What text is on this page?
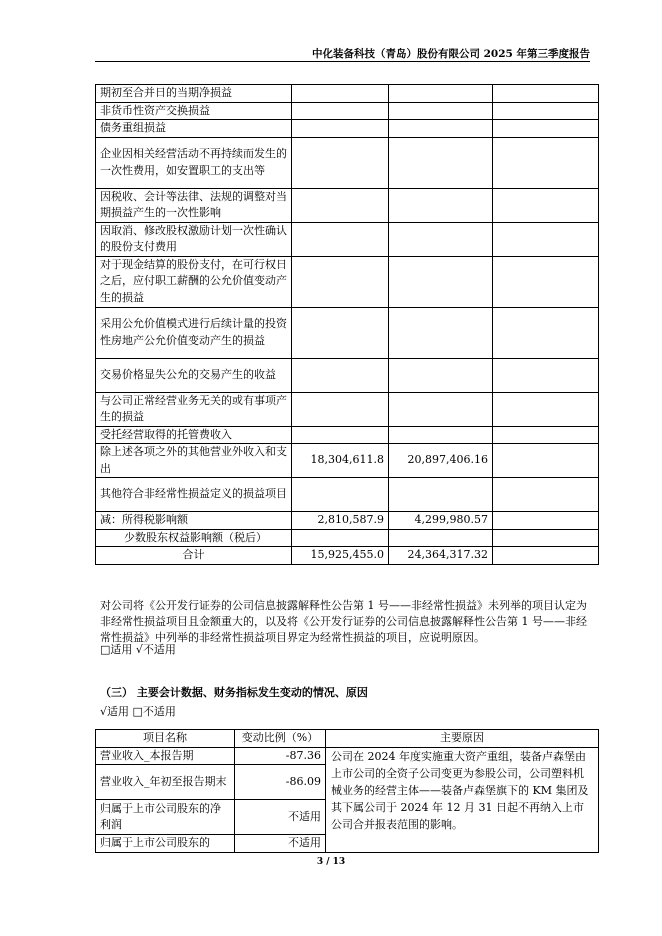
中化装备科技（青岛）股份有限公司 2025 年第三季度报告
期初至合并日的当期净损益			
非货币性资产交换损益			
债务重组损益			
企业因相关经营活动不再持续而发生的一次性费用，如安置职工的支出等			
因税收、会计等法律、法规的调整对当期损益产生的一次性影响			
因取消、修改股权激励计划一次性确认的股份支付费用			
对于现金结算的股份支付，在可行权日之后，应付职工薪酬的公允价值变动产生的损益			
采用公允价值模式进行后续计量的投资性房地产公允价值变动产生的损益			
交易价格显失公允的交易产生的收益			
与公司正常经营业务无关的或有事项产生的损益			
受托经营取得的托管费收入			
除上述各项之外的其他营业外收入和支出	18,304,611.8	20,897,406.16	
其他符合非经常性损益定义的损益项目			
减：所得税影响额	2,810,587.9	4,299,980.57	
少数股东权益影响额（税后）			
合计	15,925,455.0	24,364,317.32	
对公司将《公开发行证券的公司信息披露解释性公告第 1 号——非经常性损益》未列举的项目认定为非经常性损益项目且金额重大的，以及将《公开发行证券的公司信息披露解释性公告第 1 号——非经常性损益》中列举的非经常性损益项目界定为经常性损益的项目，应说明原因。
□适用 √不适用
（三） 主要会计数据、财务指标发生变动的情况、原因
√适用 □不适用
项目名称	变动比例（%）	主要原因
营业收入_本报告期	-87.36	公司在 2024 年度实施重大资产重组，装备卢森堡由上市公司的全资子公司变更为参股公司，公司塑料机械业务的经营主体——装备卢森堡旗下的 KM 集团及其下属公司于 2024 年 12 月 31 日起不再纳入上市公司合并报表范围的影响。
营业收入_年初至报告期末	-86.09	
归属于上市公司股东的净利润	不适用	
归属于上市公司股东的	不适用	
3 / 13
